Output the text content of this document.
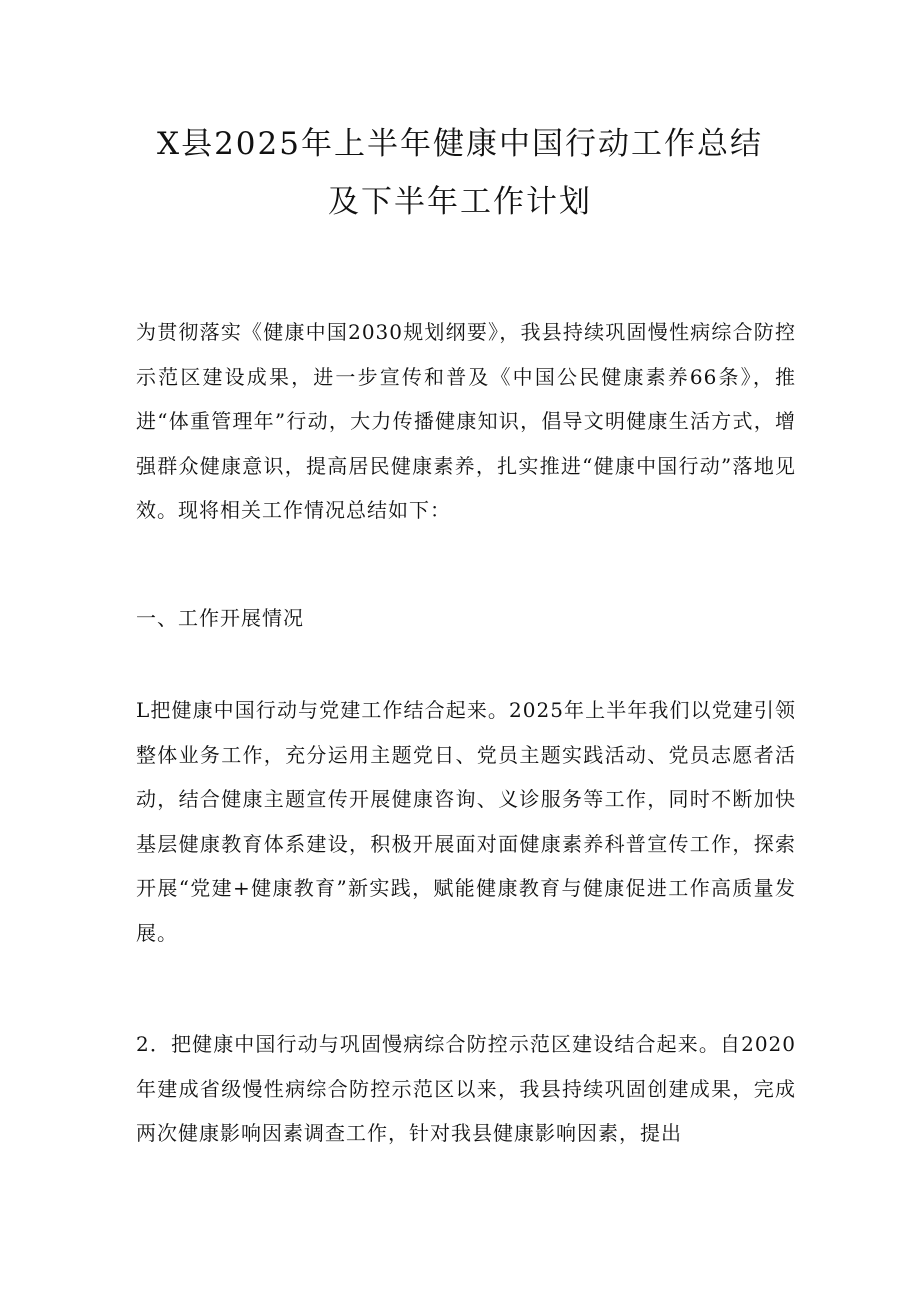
X县2025年上半年健康中国行动工作总结
及下半年工作计划

为贯彻落实《健康中国2030规划纲要》，我县持续巩固慢性病综合防控示范区建设成果，进一步宣传和普及《中国公民健康素养66条》，推进“体重管理年”行动，大力传播健康知识，倡导文明健康生活方式，增强群众健康意识，提高居民健康素养，扎实推进“健康中国行动”落地见效。现将相关工作情况总结如下：

一、工作开展情况

L把健康中国行动与党建工作结合起来。2025年上半年我们以党建引领整体业务工作，充分运用主题党日、党员主题实践活动、党员志愿者活动，结合健康主题宣传开展健康咨询、义诊服务等工作，同时不断加快基层健康教育体系建设，积极开展面对面健康素养科普宣传工作，探索开展“党建+健康教育”新实践，赋能健康教育与健康促进工作高质量发展。

2．把健康中国行动与巩固慢病综合防控示范区建设结合起来。自2020年建成省级慢性病综合防控示范区以来，我县持续巩固创建成果，完成两次健康影响因素调查工作，针对我县健康影响因素，提出
